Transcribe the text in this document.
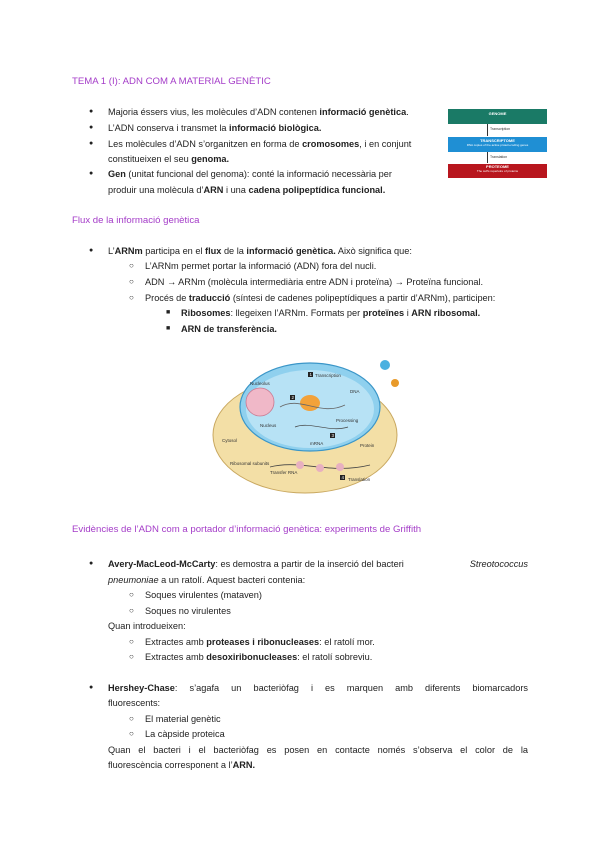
TEMA 1 (I): ADN COM A MATERIAL GENÈTIC
● Majoria éssers vius, les molècules d’ADN contenen informació genètica.
● L’ADN conserva i transmet la informació biològica.
● Les molècules d’ADN s’organitzen en forma de cromosomes, i en conjunt
constitueixen el seu genoma.
● Gen (unitat funcional del genoma): conté la informació necessària per
produir una molècula d’ARN i una cadena polipeptídica funcional.
GENOME
Transcription
TRANSCRIPTOME
RNA copies of the active protein-coding genes
Translation
PROTEOME
The cell’s repertoire of proteins
Flux de la informació genètica
● L’ARNm participa en el flux de la informació genètica. Això significa que:
○ L’ARNm permet portar la informació (ADN) fora del nucli.
○ ADN → ARNm (molècula intermediària entre ADN i proteïna) → Proteïna funcional.
○ Procés de traducció (síntesi de cadenes polipeptídiques a partir d’ARNm), participen:
■ Ribosomes: llegeixen l’ARNm. Formats per proteïnes i ARN ribosomal.
■ ARN de transferència.
1
2
3
4
Nucleolus
Nucleus
Cytosol
Ribosomal subunits
Transcription
Processing
mRNA	Protein
DNA
Transfer RNA
Translation
Evidències de l’ADN com a portador d’informació genètica: experiments de Griffith
● Avery-MacLeod-McCarty: es demostra a partir de la inserció del bacteri	Streotococcus
pneumoniae a un ratolí. Aquest bacteri contenia:
○ Soques virulentes (mataven)
○ Soques no virulentes
Quan introdueixen:
○ Extractes amb proteases i ribonucleases: el ratolí mor.
○ Extractes amb desoxiribonucleases: el ratolí sobreviu.
● Hershey-Chase : s’agafa un bacteriòfag i es marquen amb diferents biomarcadors
fluorescents:
○ El material genètic
○ La càpside proteica
Quan el bacteri i el bacteriòfag es posen en contacte només s’observa el color de la
fluorescència corresponent a l’ARN.
